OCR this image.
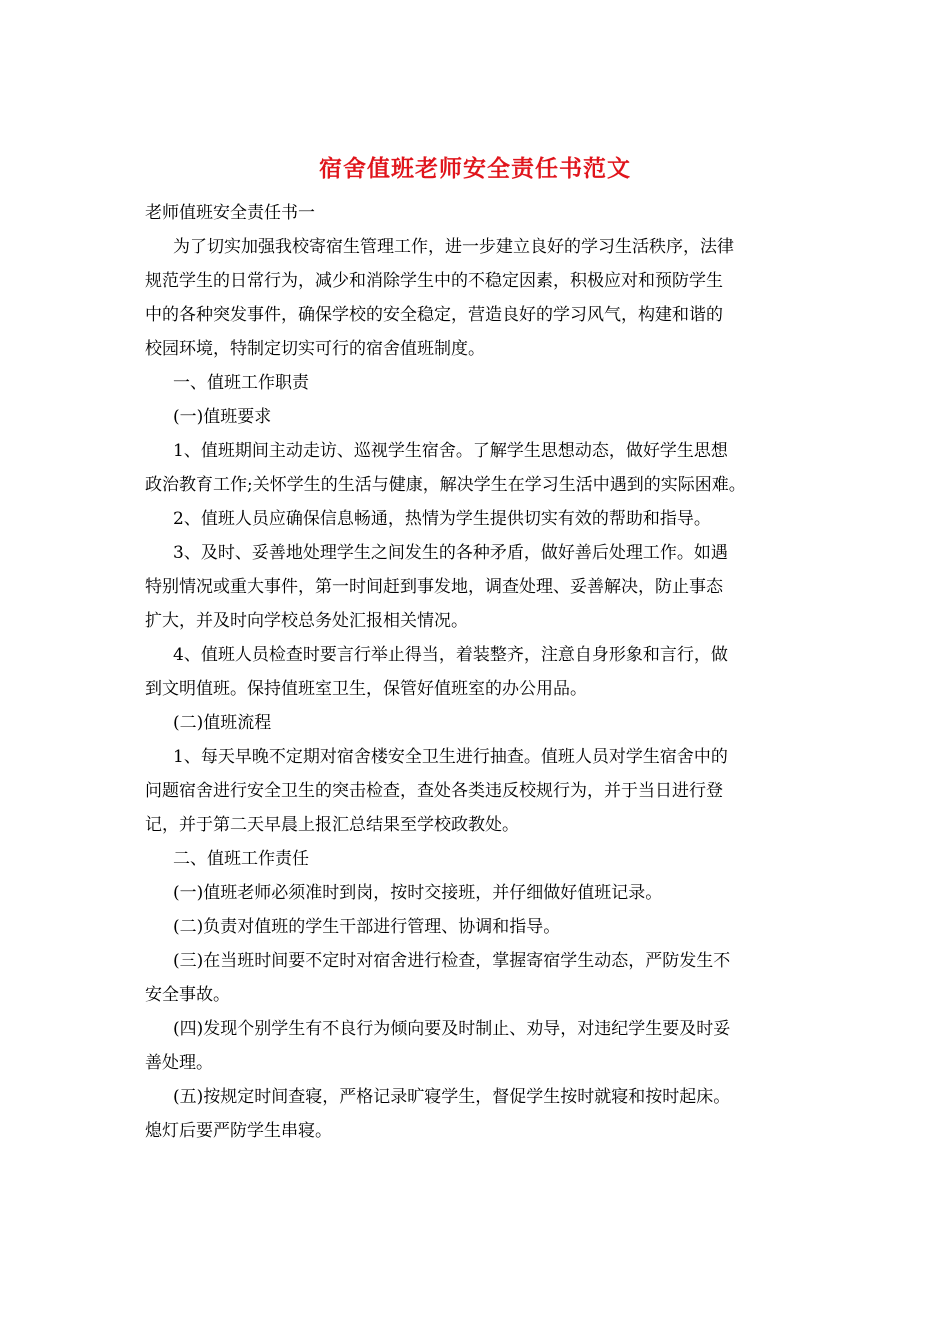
宿舍值班老师安全责任书范文

老师值班安全责任书一

为了切实加强我校寄宿生管理工作，进一步建立良好的学习生活秩序，法律

规范学生的日常行为，减少和消除学生中的不稳定因素，积极应对和预防学生

中的各种突发事件，确保学校的安全稳定，营造良好的学习风气，构建和谐的

校园环境，特制定切实可行的宿舍值班制度。

一、值班工作职责

(一)值班要求

1、值班期间主动走访、巡视学生宿舍。了解学生思想动态，做好学生思想

政治教育工作;关怀学生的生活与健康，解决学生在学习生活中遇到的实际困难。

2、值班人员应确保信息畅通，热情为学生提供切实有效的帮助和指导。

3、及时、妥善地处理学生之间发生的各种矛盾，做好善后处理工作。如遇

特别情况或重大事件，第一时间赶到事发地，调查处理、妥善解决，防止事态

扩大，并及时向学校总务处汇报相关情况。

4、值班人员检查时要言行举止得当，着装整齐，注意自身形象和言行，做

到文明值班。保持值班室卫生，保管好值班室的办公用品。

(二)值班流程

1、每天早晚不定期对宿舍楼安全卫生进行抽查。值班人员对学生宿舍中的

问题宿舍进行安全卫生的突击检查，查处各类违反校规行为，并于当日进行登

记，并于第二天早晨上报汇总结果至学校政教处。

二、值班工作责任

(一)值班老师必须准时到岗，按时交接班，并仔细做好值班记录。

(二)负责对值班的学生干部进行管理、协调和指导。

(三)在当班时间要不定时对宿舍进行检查，掌握寄宿学生动态，严防发生不

安全事故。

(四)发现个别学生有不良行为倾向要及时制止、劝导，对违纪学生要及时妥

善处理。

(五)按规定时间查寝，严格记录旷寝学生，督促学生按时就寝和按时起床。

熄灯后要严防学生串寝。
